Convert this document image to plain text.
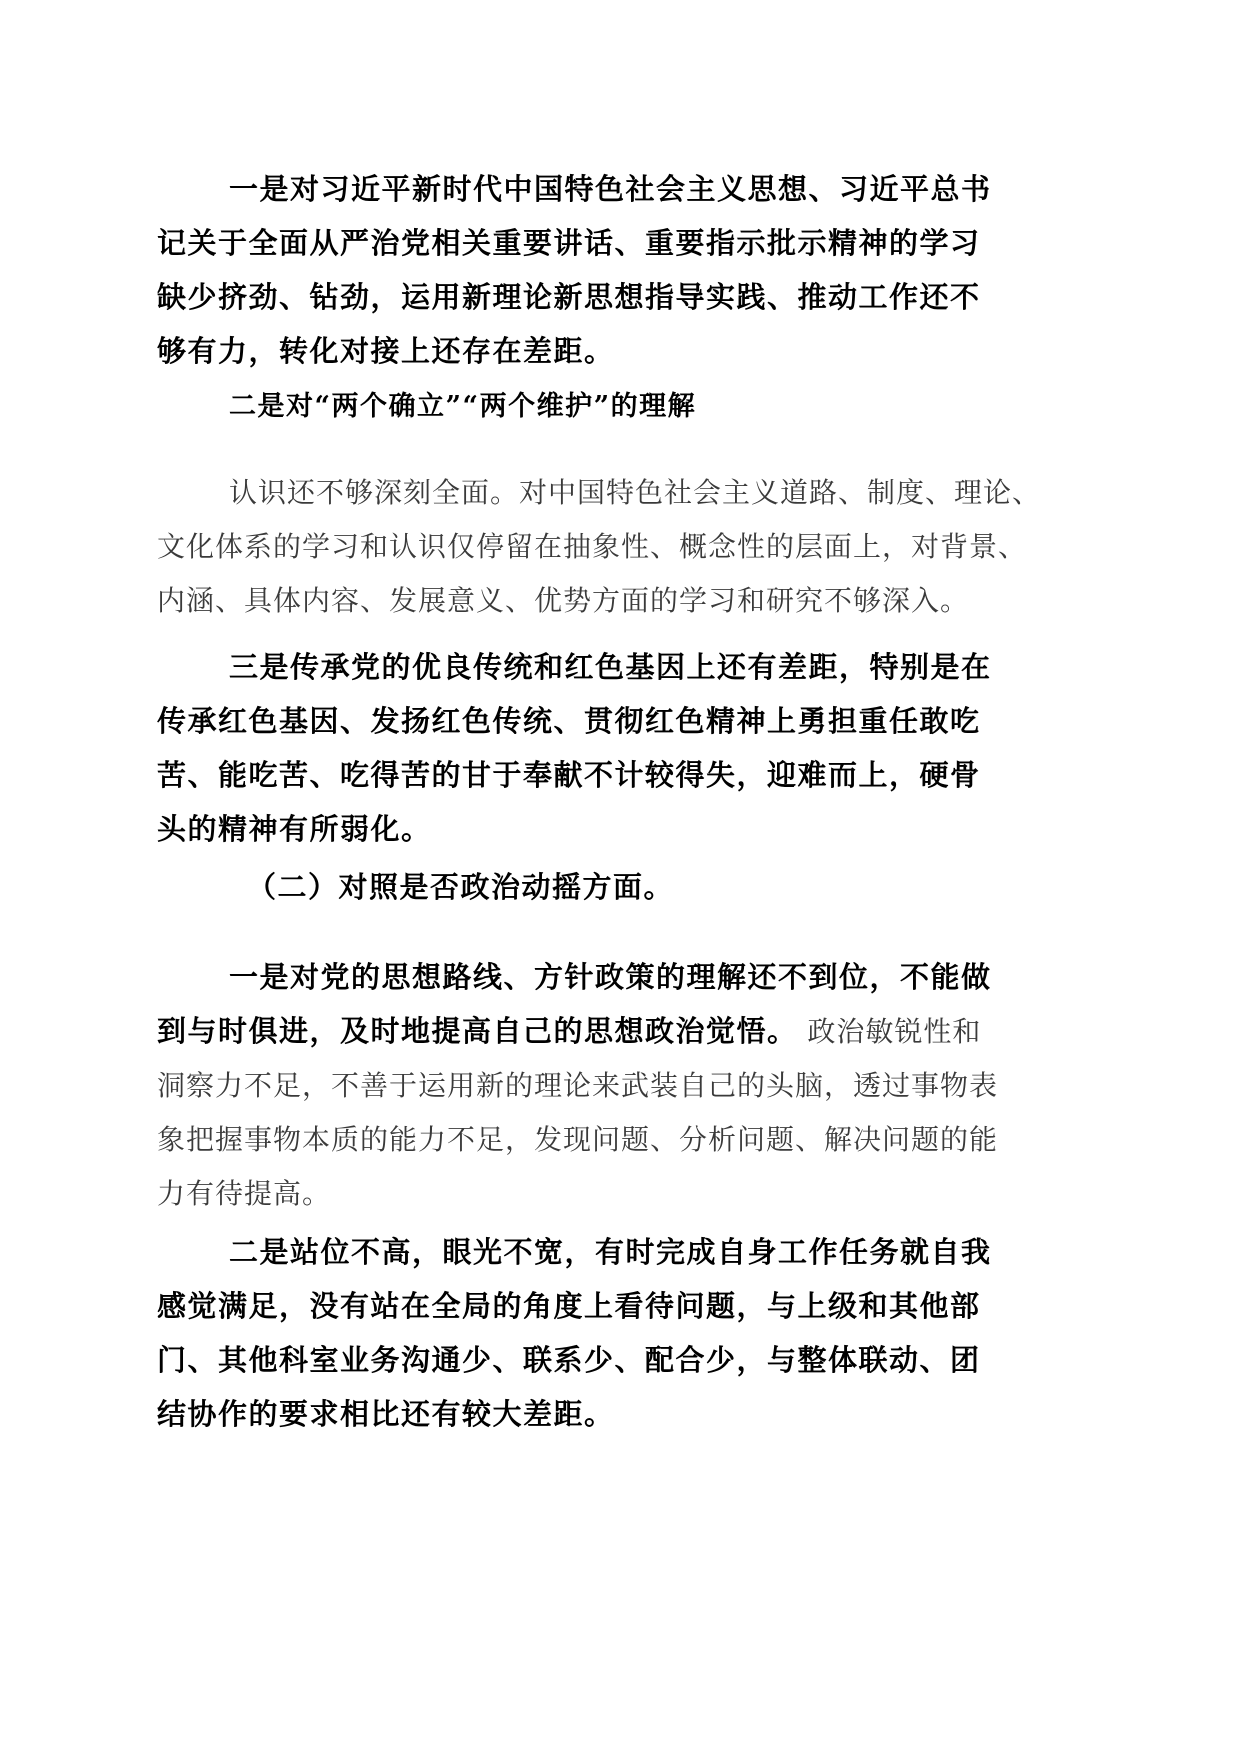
一是对习近平新时代中国特色社会主义思想、习近平总书
记关于全面从严治党相关重要讲话、重要指示批示精神的学习
缺少挤劲、钻劲，运用新理论新思想指导实践、推动工作还不
够有力，转化对接上还存在差距。
二是对“两个确立”“两个维护”的理解
认识还不够深刻全面。对中国特色社会主义道路、制度、理论、
文化体系的学习和认识仅停留在抽象性、概念性的层面上，对背景、
内涵、具体内容、发展意义、优势方面的学习和研究不够深入。
三是传承党的优良传统和红色基因上还有差距，特别是在
传承红色基因、发扬红色传统、贯彻红色精神上勇担重任敢吃
苦、能吃苦、吃得苦的甘于奉献不计较得失，迎难而上，硬骨
头的精神有所弱化。
（二）对照是否政治动摇方面。
一是对党的思想路线、方针政策的理解还不到位，不能做
到与时俱进，及时地提高自己的思想政治觉悟。 政治敏锐性和
洞察力不足，不善于运用新的理论来武装自己的头脑，透过事物表
象把握事物本质的能力不足，发现问题、分析问题、解决问题的能
力有待提高。
二是站位不高，眼光不宽，有时完成自身工作任务就自我
感觉满足，没有站在全局的角度上看待问题，与上级和其他部
门、其他科室业务沟通少、联系少、配合少，与整体联动、团
结协作的要求相比还有较大差距。
